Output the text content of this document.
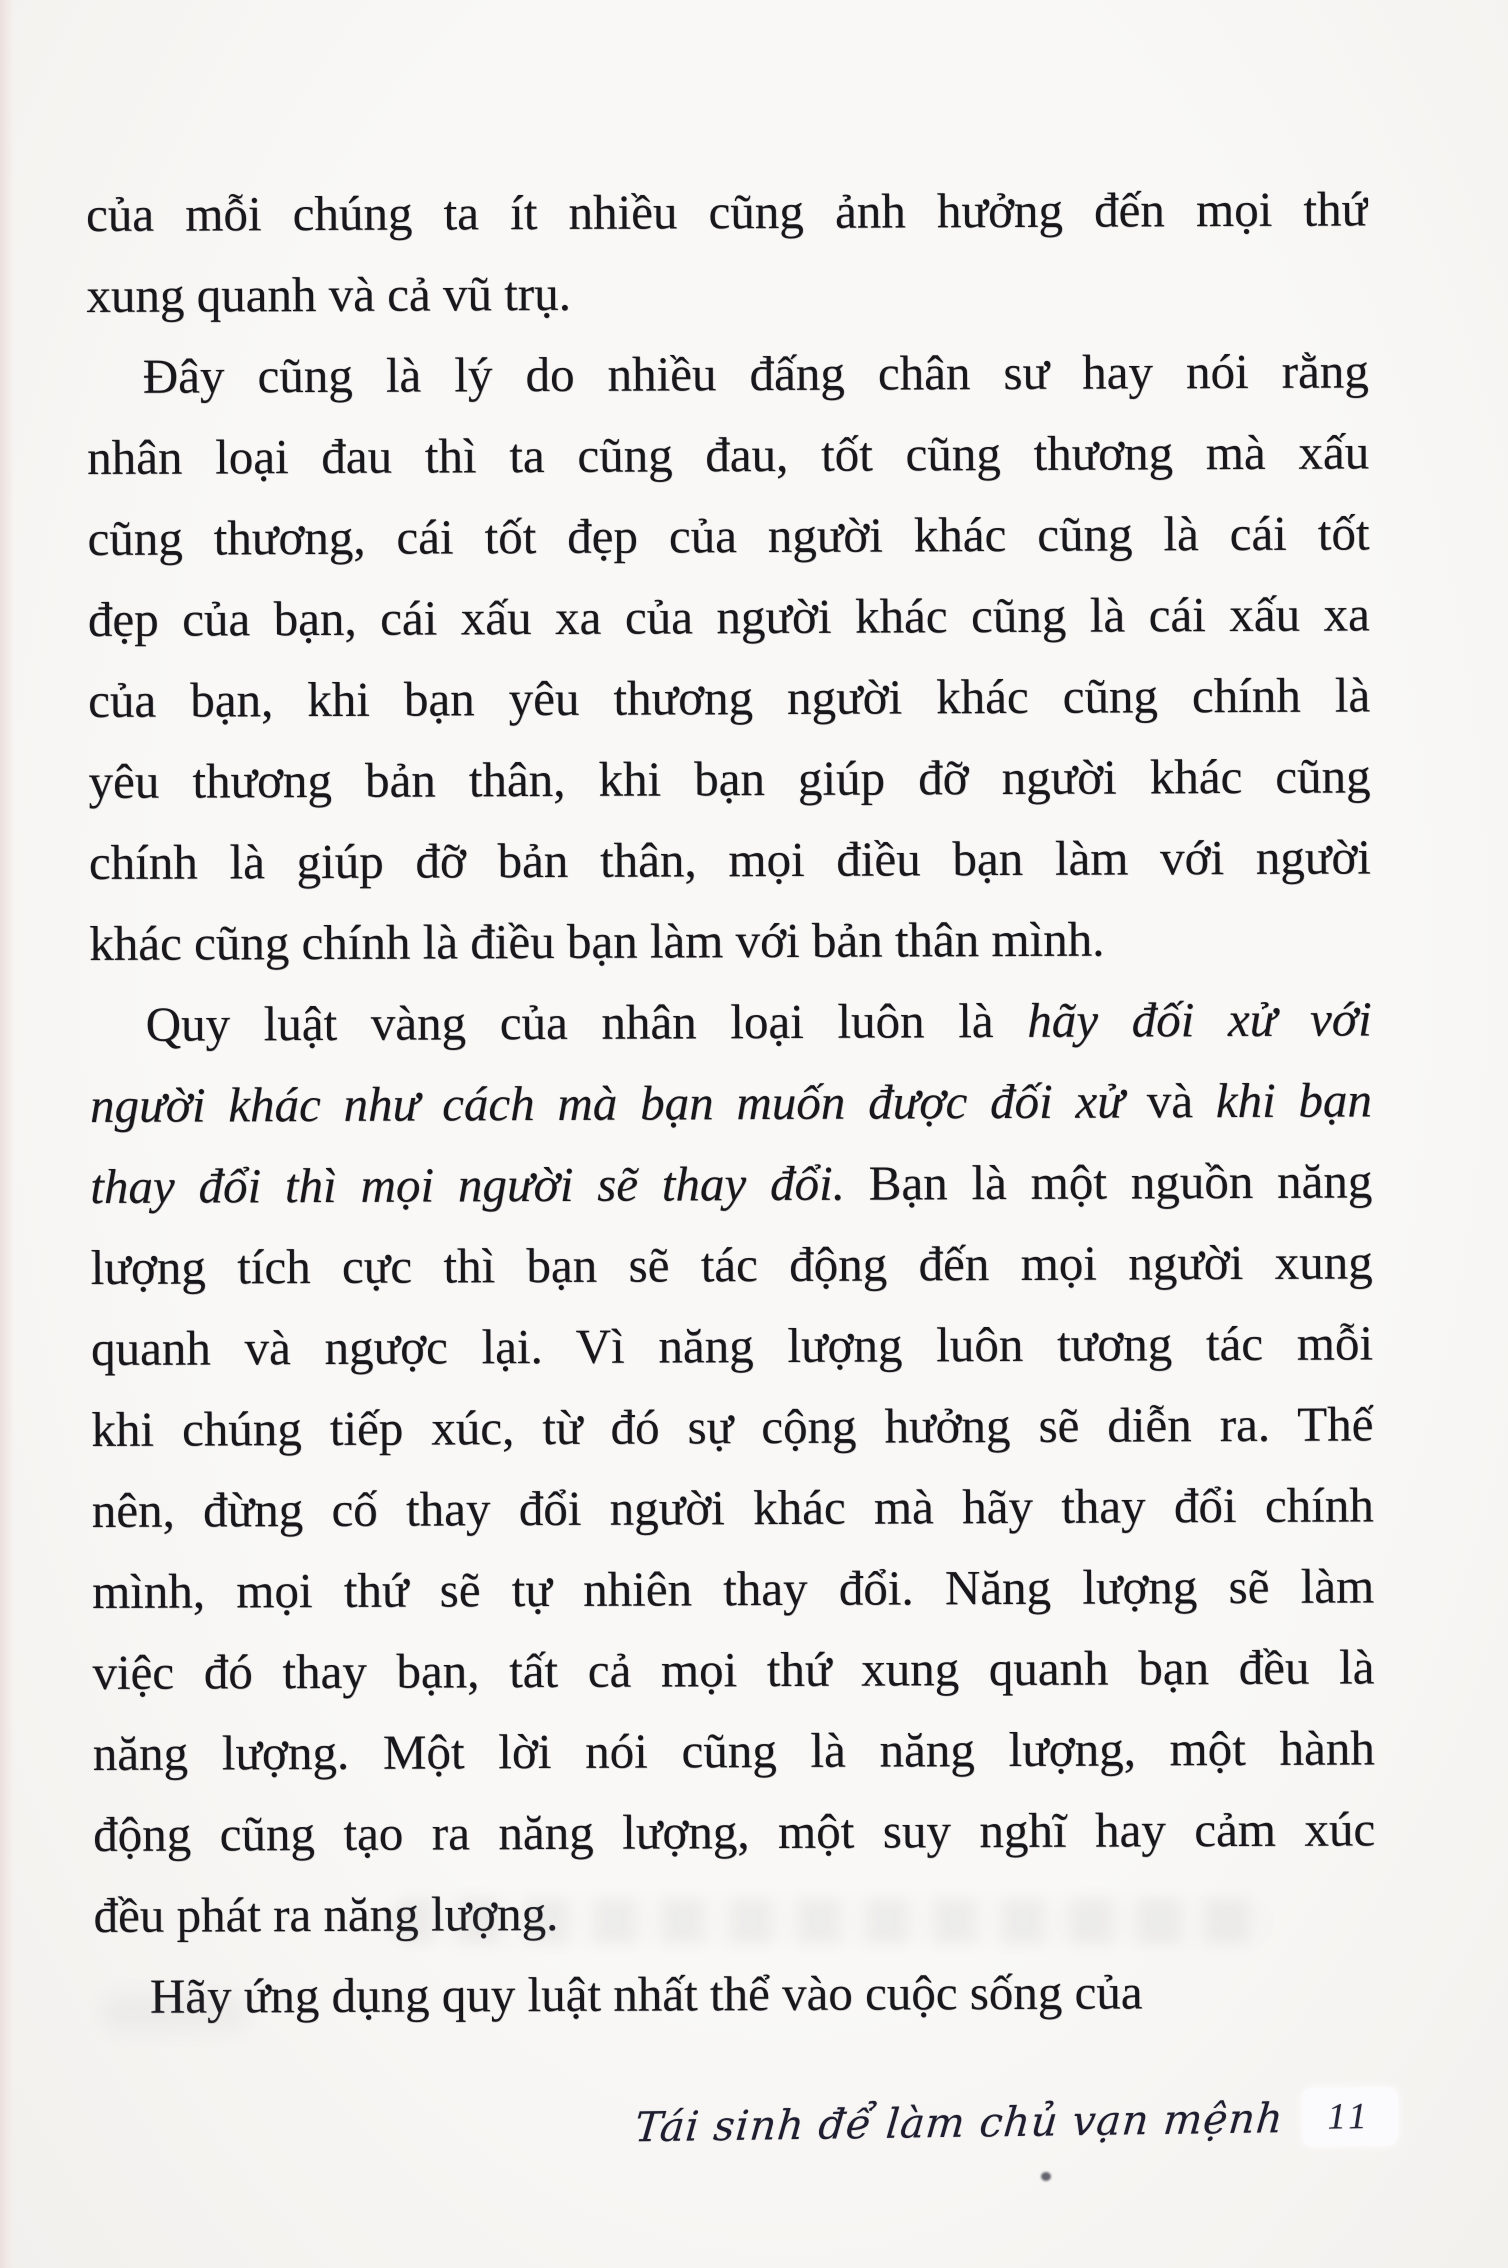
của mỗi chúng ta ít nhiều cũng ảnh hưởng đến mọi thứ
xung quanh và cả vũ trụ.
Đây cũng là lý do nhiều đấng chân sư hay nói rằng
nhân loại đau thì ta cũng đau, tốt cũng thương mà xấu
cũng thương, cái tốt đẹp của người khác cũng là cái tốt
đẹp của bạn, cái xấu xa của người khác cũng là cái xấu xa
của bạn, khi bạn yêu thương người khác cũng chính là
yêu thương bản thân, khi bạn giúp đỡ người khác cũng
chính là giúp đỡ bản thân, mọi điều bạn làm với người
khác cũng chính là điều bạn làm với bản thân mình.
Quy luật vàng của nhân loại luôn là hãy đối xử với
người khác như cách mà bạn muốn được đối xử và khi bạn
thay đổi thì mọi người sẽ thay đổi. Bạn là một nguồn năng
lượng tích cực thì bạn sẽ tác động đến mọi người xung
quanh và ngược lại. Vì năng lượng luôn tương tác mỗi
khi chúng tiếp xúc, từ đó sự cộng hưởng sẽ diễn ra. Thế
nên, đừng cố thay đổi người khác mà hãy thay đổi chính
mình, mọi thứ sẽ tự nhiên thay đổi. Năng lượng sẽ làm
việc đó thay bạn, tất cả mọi thứ xung quanh bạn đều là
năng lượng. Một lời nói cũng là năng lượng, một hành
động cũng tạo ra năng lượng, một suy nghĩ hay cảm xúc
đều phát ra năng lượng.
Hãy ứng dụng quy luật nhất thể vào cuộc sống của
Tái sinh để làm chủ vạn mệnh	11
